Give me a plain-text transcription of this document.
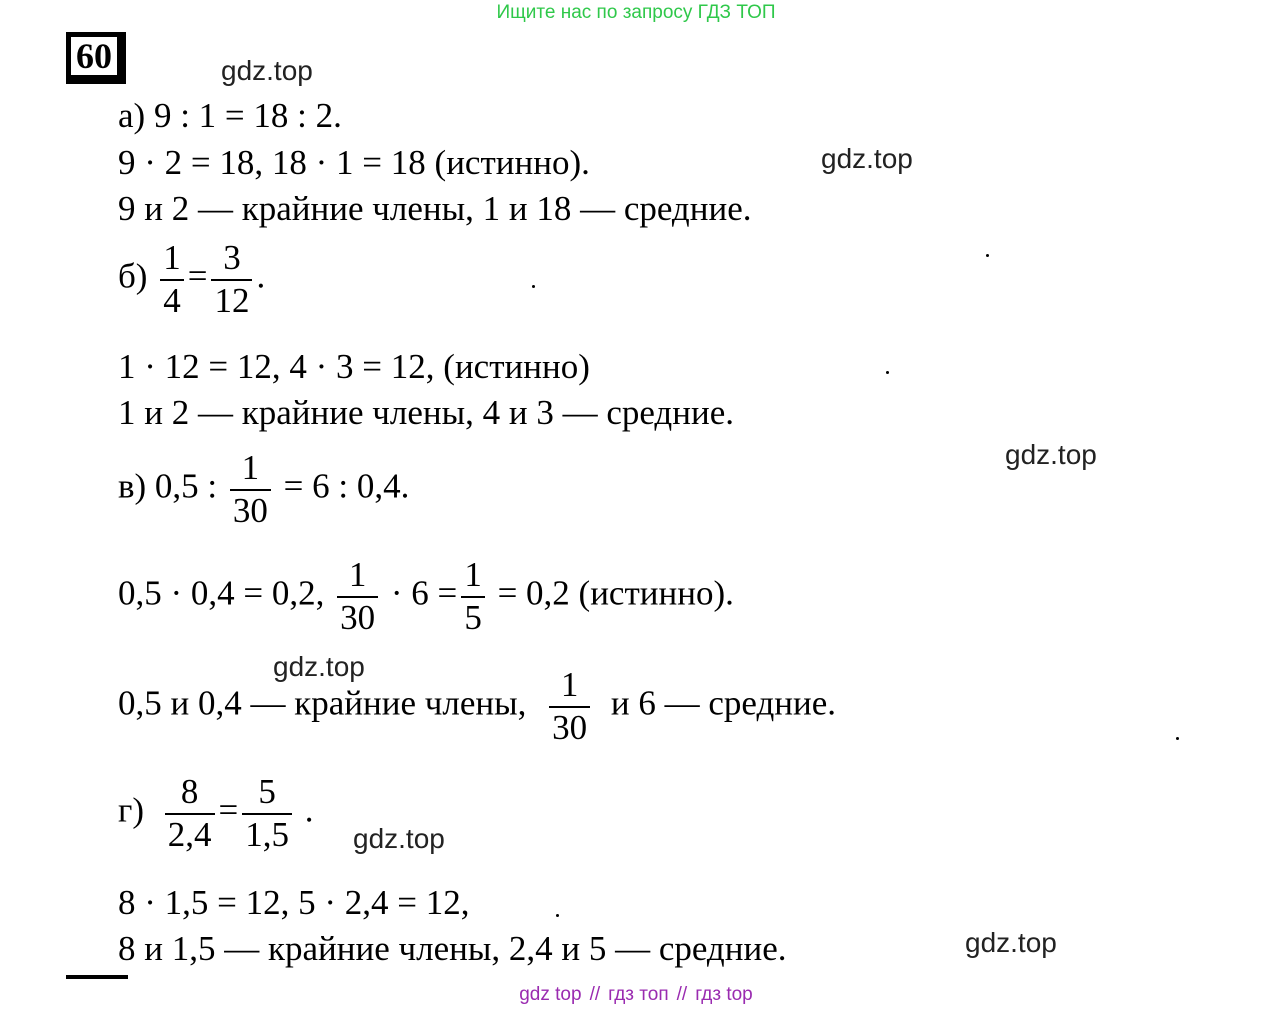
Ищите нас по запросу ГДЗ ТОП
60	gdz.top
gdz.top
gdz.top
gdz.top
gdz.top
gdz.top
а) 9 : 1 = 18 : 2.
9 · 2 = 18, 18 · 1 = 18 (истинно).
9 и 2 — крайние члены, 1 и 18 — средние.
$б) \frac{1}{4} = \frac{3}{12}$ .
1 · 12 = 12, 4 · 3 = 12, (истинно)
1 и 2 — крайние члены, 4 и 3 — средние.
в) 0,5 : $\frac{1}{30} = 6$ : 0,4.
0,5 · 0,4 = 0,2, $\frac{1}{30} \cdot 6 = \frac{1}{5} = 0,2$ (истинно).
0,5 и 0,4 — крайние члены, $\frac{1}{30}$ и 6 — средние.
$г) \frac{8}{2,4} = \frac{5}{1,5}$ .
8 · 1,5 = 12, 5 · 2,4 = 12,
8 и 1,5 — крайние члены, 2,4 и 5 — средние.
gdz top // гдз топ // гдз top
